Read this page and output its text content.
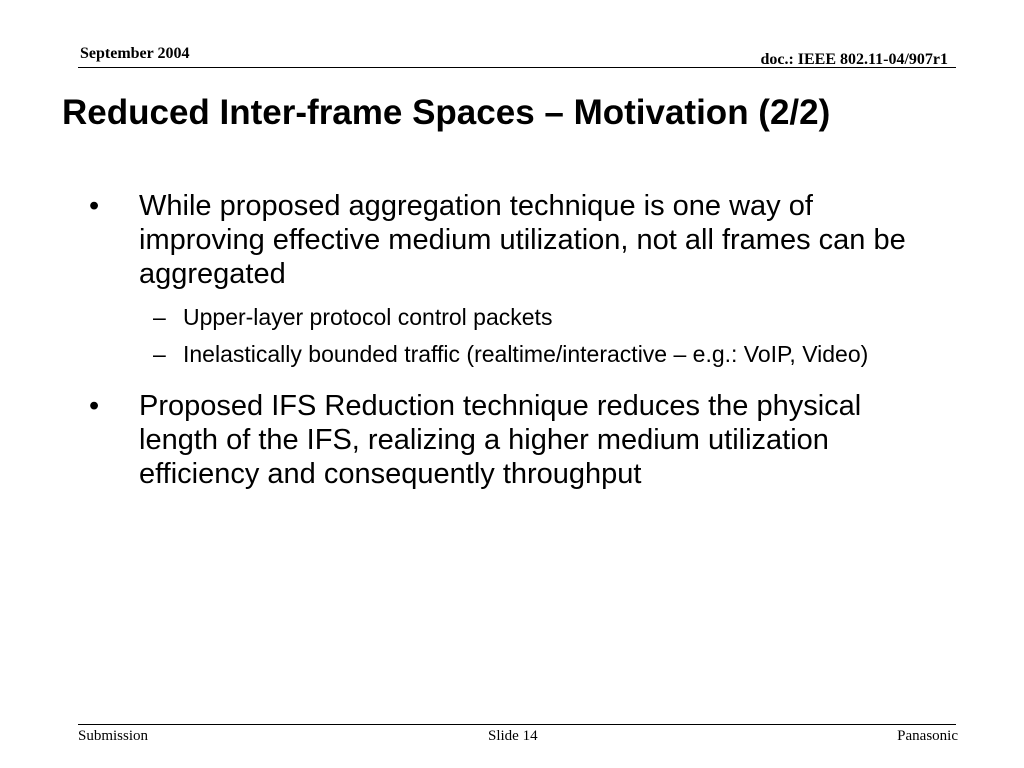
September 2004	doc.: IEEE 802.11-04/907r1
Reduced Inter-frame Spaces – Motivation (2/2)
• While proposed aggregation technique is one way of improving effective medium utilization, not all frames can be aggregated
– Upper-layer protocol control packets
– Inelastically bounded traffic (realtime/interactive – e.g.: VoIP, Video)
• Proposed IFS Reduction technique reduces the physical length of the IFS, realizing a higher medium utilization efficiency and consequently throughput
Submission	Slide 14	Panasonic
